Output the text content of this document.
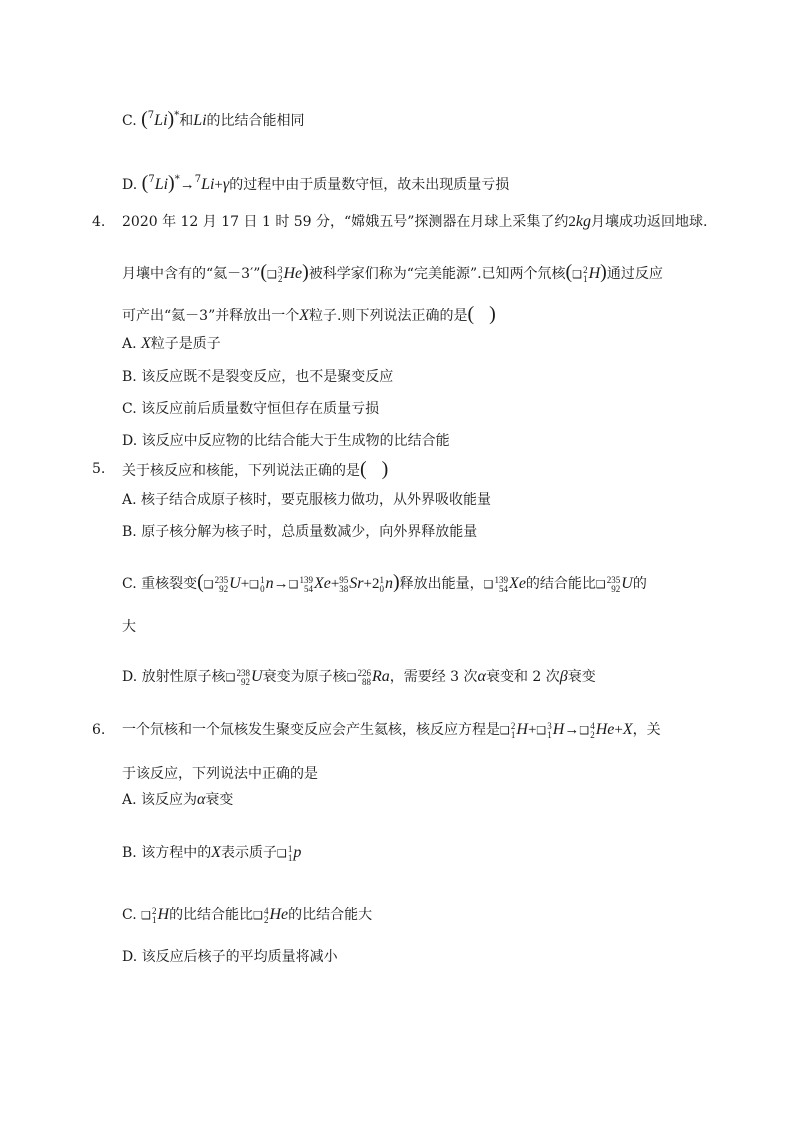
C. ($^7$Li)*和Li的比结合能相同
D. ($^7$Li)*→$^7$Li+γ的过程中由于质量数守恒，故未出现质量亏损
4. 2020 年 12 月 17 日 1 时 59 分，“嫦娥五号”探测器在月球上采集了约2kg月壤成功返回地球.
月壤中含有的“氦－3′”(❑ 3
2 He)被科学家们称为“完美能源”.已知两个氘核(❑ 2
1 H)通过反应
可产出“氦－3”并释放出一个X粒子.则下列说法正确的是(   )
A. X粒子是质子
B. 该反应既不是裂变反应，也不是聚变反应
C. 该反应前后质量数守恒但存在质量亏损
D. 该反应中反应物的比结合能大于生成物的比结合能
5. 关于核反应和核能，下列说法正确的是(   )
A. 核子结合成原子核时，要克服核力做功，从外界吸收能量
B. 原子核分解为核子时，总质量数减少，向外界释放能量
C. 重核裂变(❑ 235
92 U+❑ 1
0 n→❑ 139
54 Xe+ 95
38 Sr+2 1
0 n)释放出能量，❑ 139
54 Xe的结合能比❑ 235
92 U的
大
D. 放射性原子核❑ 238
92 U衰变为原子核❑ 226
88 Ra，需要经 3 次α衰变和 2 次β衰变
6. 一个氘核和一个氚核发生聚变反应会产生氦核，核反应方程是❑ 2
1 H+❑ 3
1 H→❑ 4
2 He+X，关
于该反应，下列说法中正确的是
A. 该反应为α衰变
B. 该方程中的X表示质子❑ 1
1 p
C. ❑ 2
1 H的比结合能比❑ 4
2 He的比结合能大
D. 该反应后核子的平均质量将减小
